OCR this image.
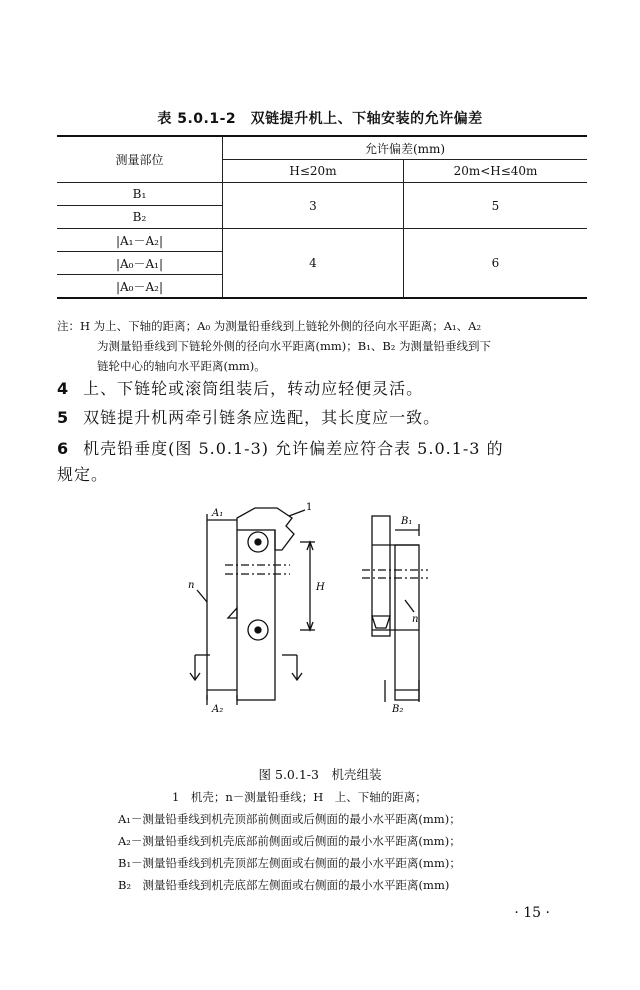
表 5.0.1-2　双链提升机上、下轴安装的允许偏差
测量部位	允许偏差(mm)	
	H≤20m	20m<H≤40m
B₁	3	5
B₂		
|A₁－A₂|	4	6
|A₀－A₁|		
|A₀－A₂|		
注：H 为上、下轴的距离；A₀ 为测量铅垂线到上链轮外侧的径向水平距离；A₁、A₂
为测量铅垂线到下链轮外侧的径向水平距离(mm)；B₁、B₂ 为测量铅垂线到下
链轮中心的轴向水平距离(mm)。
4 上、下链轮或滚筒组装后，转动应轻便灵活。
5 双链提升机两牵引链条应选配，其长度应一致。
6 机壳铅垂度(图 5.0.1-3) 允许偏差应符合表 5.0.1-3 的
规定。
A₁
A₂
B₁
B₂
H
n
n
1
图 5.0.1-3　机壳组装
1　机壳；n－测量铅垂线；H　上、下轴的距离；
A₁－测量铅垂线到机壳顶部前侧面或后侧面的最小水平距离(mm)；
A₂－测量铅垂线到机壳底部前侧面或后侧面的最小水平距离(mm)；
B₁－测量铅垂线到机壳顶部左侧面或右侧面的最小水平距离(mm)；
B₂　测量铅垂线到机壳底部左侧面或右侧面的最小水平距离(mm)
· 15 ·
